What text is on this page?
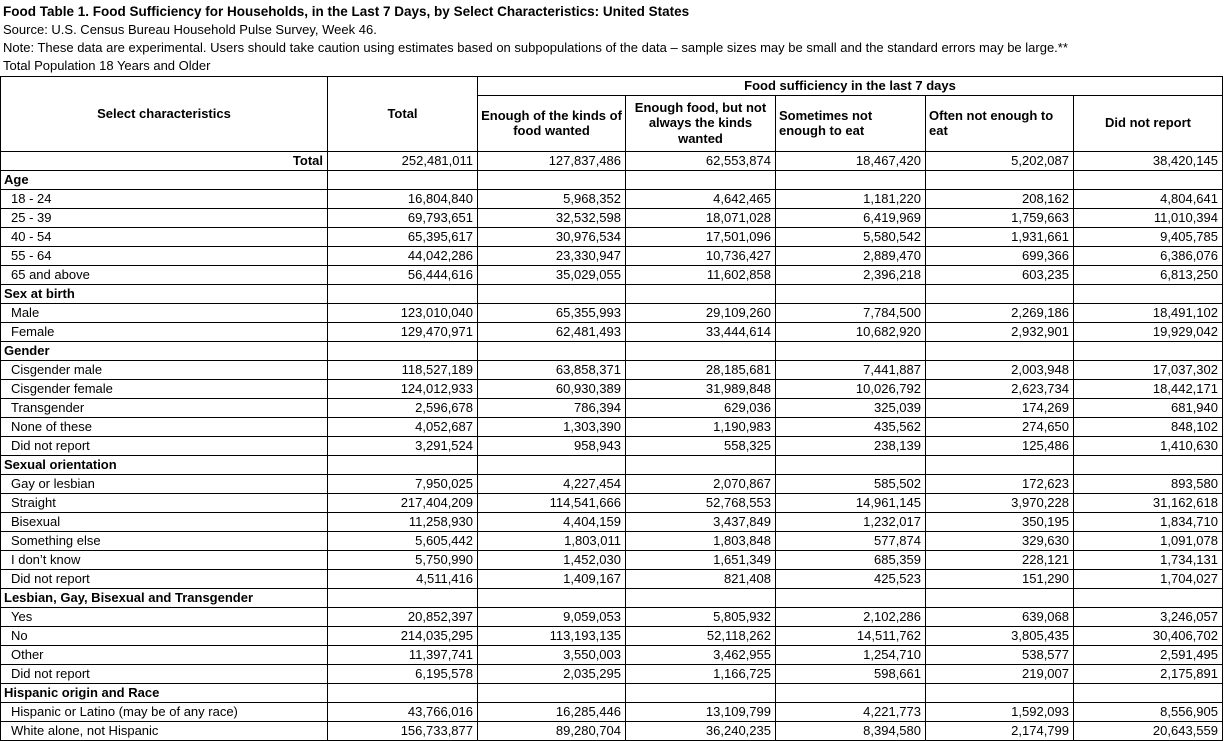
Food Table 1. Food Sufficiency for Households, in the Last 7 Days, by Select Characteristics: United States
Source: U.S. Census Bureau Household Pulse Survey, Week 46.
Note: These data are experimental. Users should take caution using estimates based on subpopulations of the data – sample sizes may be small and the standard errors may be large.**
Total Population 18 Years and Older
Select characteristics	Total	Food sufficiency in the last 7 days				
		Enough of the kinds of food wanted	Enough food, but not always the kinds wanted	Sometimes not enough to eat	Often not enough to eat	Did not report
Total	252,481,011	127,837,486	62,553,874	18,467,420	5,202,087	38,420,145
Age						
18 - 24	16,804,840	5,968,352	4,642,465	1,181,220	208,162	4,804,641
25 - 39	69,793,651	32,532,598	18,071,028	6,419,969	1,759,663	11,010,394
40 - 54	65,395,617	30,976,534	17,501,096	5,580,542	1,931,661	9,405,785
55 - 64	44,042,286	23,330,947	10,736,427	2,889,470	699,366	6,386,076
65 and above	56,444,616	35,029,055	11,602,858	2,396,218	603,235	6,813,250
Sex at birth						
Male	123,010,040	65,355,993	29,109,260	7,784,500	2,269,186	18,491,102
Female	129,470,971	62,481,493	33,444,614	10,682,920	2,932,901	19,929,042
Gender						
Cisgender male	118,527,189	63,858,371	28,185,681	7,441,887	2,003,948	17,037,302
Cisgender female	124,012,933	60,930,389	31,989,848	10,026,792	2,623,734	18,442,171
Transgender	2,596,678	786,394	629,036	325,039	174,269	681,940
None of these	4,052,687	1,303,390	1,190,983	435,562	274,650	848,102
Did not report	3,291,524	958,943	558,325	238,139	125,486	1,410,630
Sexual orientation						
Gay or lesbian	7,950,025	4,227,454	2,070,867	585,502	172,623	893,580
Straight	217,404,209	114,541,666	52,768,553	14,961,145	3,970,228	31,162,618
Bisexual	11,258,930	4,404,159	3,437,849	1,232,017	350,195	1,834,710
Something else	5,605,442	1,803,011	1,803,848	577,874	329,630	1,091,078
I don’t know	5,750,990	1,452,030	1,651,349	685,359	228,121	1,734,131
Did not report	4,511,416	1,409,167	821,408	425,523	151,290	1,704,027
Lesbian, Gay, Bisexual and Transgender						
Yes	20,852,397	9,059,053	5,805,932	2,102,286	639,068	3,246,057
No	214,035,295	113,193,135	52,118,262	14,511,762	3,805,435	30,406,702
Other	11,397,741	3,550,003	3,462,955	1,254,710	538,577	2,591,495
Did not report	6,195,578	2,035,295	1,166,725	598,661	219,007	2,175,891
Hispanic origin and Race						
Hispanic or Latino (may be of any race)	43,766,016	16,285,446	13,109,799	4,221,773	1,592,093	8,556,905
White alone, not Hispanic	156,733,877	89,280,704	36,240,235	8,394,580	2,174,799	20,643,559
